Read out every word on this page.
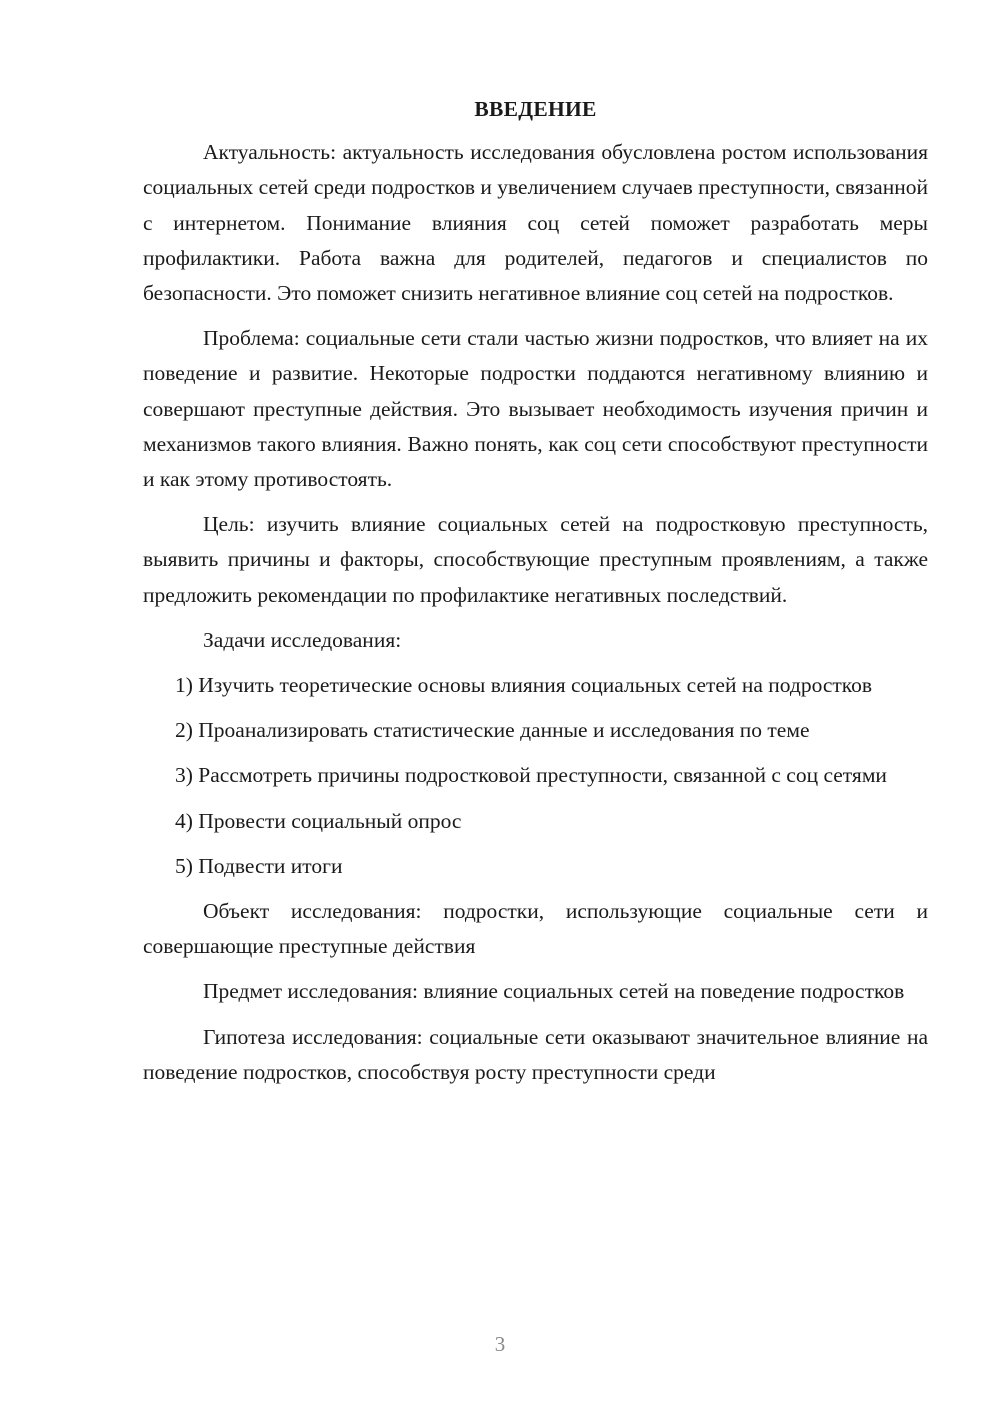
ВВЕДЕНИЕ

Актуальность: актуальность исследования обусловлена ростом использования социальных сетей среди подростков и увеличением случаев преступности, связанной с интернетом. Понимание влияния соц сетей поможет разработать меры профилактики. Работа важна для родителей, педагогов и специалистов по безопасности. Это поможет снизить негативное влияние соц сетей на подростков.

Проблема: социальные сети стали частью жизни подростков, что влияет на их поведение и развитие. Некоторые подростки поддаются негативному влиянию и совершают преступные действия. Это вызывает необходимость изучения причин и механизмов такого влияния. Важно понять, как соц сети способствуют преступности и как этому противостоять.

Цель: изучить влияние социальных сетей на подростковую преступность, выявить причины и факторы, способствующие преступным проявлениям, а также предложить рекомендации по профилактике негативных последствий.

Задачи исследования:

1) Изучить теоретические основы влияния социальных сетей на подростков

2) Проанализировать статистические данные и исследования по теме

3) Рассмотреть причины подростковой преступности, связанной с соц сетями

4) Провести социальный опрос

5) Подвести итоги

Объект исследования: подростки, использующие социальные сети и совершающие преступные действия

Предмет исследования: влияние социальных сетей на поведение подростков

Гипотеза исследования: социальные сети оказывают значительное влияние на поведение подростков, способствуя росту преступности среди

3
